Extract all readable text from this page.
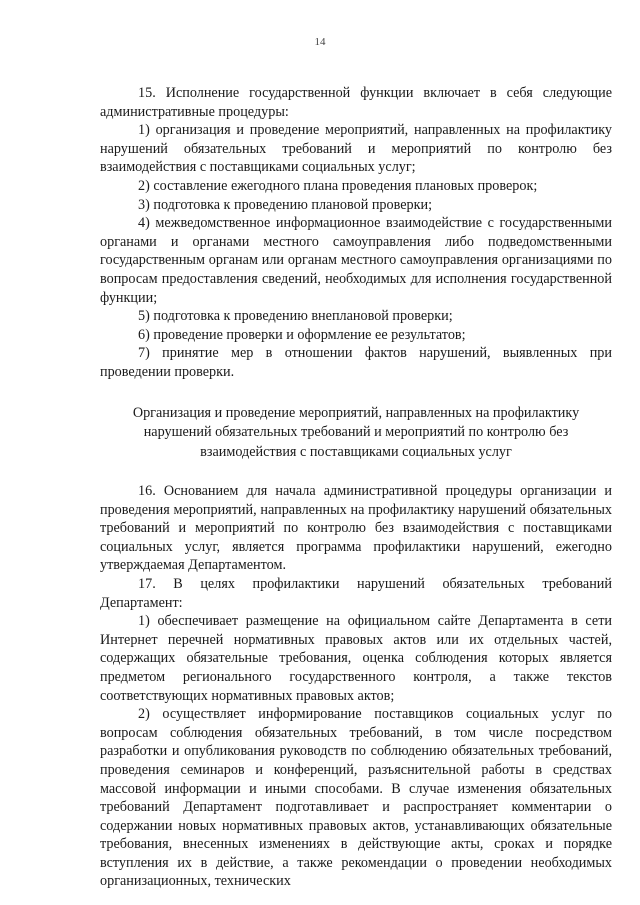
14

15. Исполнение государственной функции включает в себя следующие административные процедуры:

1) организация и проведение мероприятий, направленных на профилактику нарушений обязательных требований и мероприятий по контролю без взаимодействия с поставщиками социальных услуг;

2) составление ежегодного плана проведения плановых проверок;

3) подготовка к проведению плановой проверки;

4) межведомственное информационное взаимодействие с государственными органами и органами местного самоуправления либо подведомственными государственным органам или органам местного самоуправления организациями по вопросам предоставления сведений, необходимых для исполнения государственной функции;

5) подготовка к проведению внеплановой проверки;

6) проведение проверки и оформление ее результатов;

7) принятие мер в отношении фактов нарушений, выявленных при проведении проверки.

Организация и проведение мероприятий, направленных на профилактику
нарушений обязательных требований и мероприятий по контролю без
взаимодействия с поставщиками социальных услуг

16. Основанием для начала административной процедуры организации и проведения мероприятий, направленных на профилактику нарушений обязательных требований и мероприятий по контролю без взаимодействия с поставщиками социальных услуг, является программа профилактики нарушений, ежегодно утверждаемая Департаментом.

17. В целях профилактики нарушений обязательных требований Департамент:

1) обеспечивает размещение на официальном сайте Департамента в сети Интернет перечней нормативных правовых актов или их отдельных частей, содержащих обязательные требования, оценка соблюдения которых является предметом регионального государственного контроля, а также текстов соответствующих нормативных правовых актов;

2) осуществляет информирование поставщиков социальных услуг по вопросам соблюдения обязательных требований, в том числе посредством разработки и опубликования руководств по соблюдению обязательных требований, проведения семинаров и конференций, разъяснительной работы в средствах массовой информации и иными способами. В случае изменения обязательных требований Департамент подготавливает и распространяет комментарии о содержании новых нормативных правовых актов, устанавливающих обязательные требования, внесенных изменениях в действующие акты, сроках и порядке вступления их в действие, а также рекомендации о проведении необходимых организационных, технических
